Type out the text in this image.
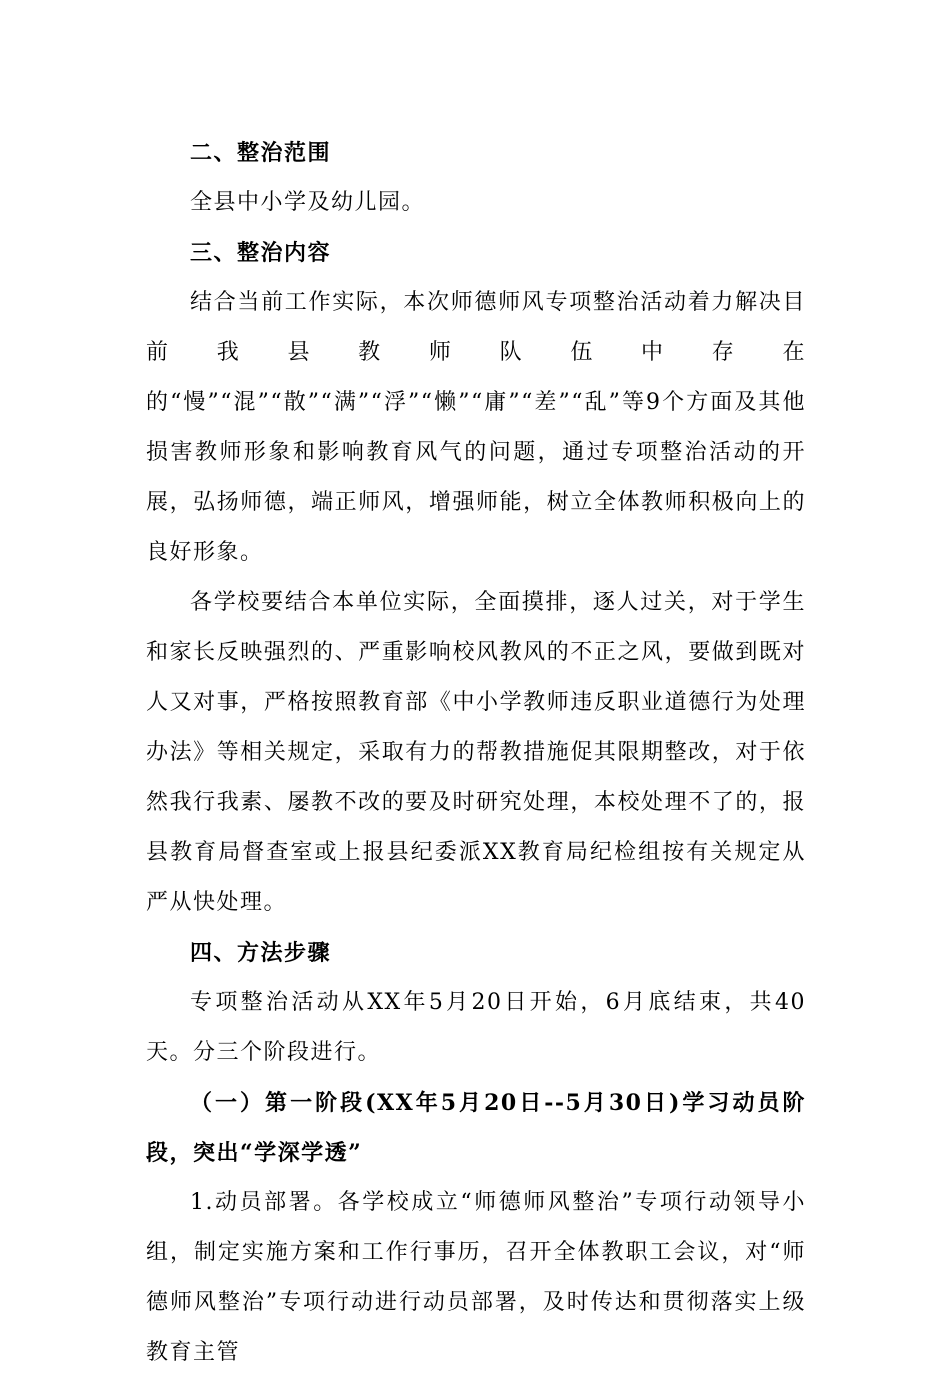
二、整治范围

全县中小学及幼儿园。

三、整治内容

结合当前工作实际，本次师德师风专项整治活动着力解决目前我县教师队伍中存在的“慢”“混”“散”“满”“浮”“懒”“庸”“差”“乱”等9个方面及其他损害教师形象和影响教育风气的问题，通过专项整治活动的开展，弘扬师德，端正师风，增强师能，树立全体教师积极向上的良好形象。

各学校要结合本单位实际，全面摸排，逐人过关，对于学生和家长反映强烈的、严重影响校风教风的不正之风，要做到既对人又对事，严格按照教育部《中小学教师违反职业道德行为处理办法》等相关规定，采取有力的帮教措施促其限期整改，对于依然我行我素、屡教不改的要及时研究处理，本校处理不了的，报县教育局督查室或上报县纪委派XX教育局纪检组按有关规定从严从快处理。

四、方法步骤

专项整治活动从XX年5月20日开始，6月底结束，共40天。分三个阶段进行。

（一）第一阶段(XX年5月20日--5月30日)学习动员阶段，突出“学深学透”

1.动员部署。各学校成立“师德师风整治”专项行动领导小组，制定实施方案和工作行事历，召开全体教职工会议，对“师德师风整治”专项行动进行动员部署，及时传达和贯彻落实上级教育主管
